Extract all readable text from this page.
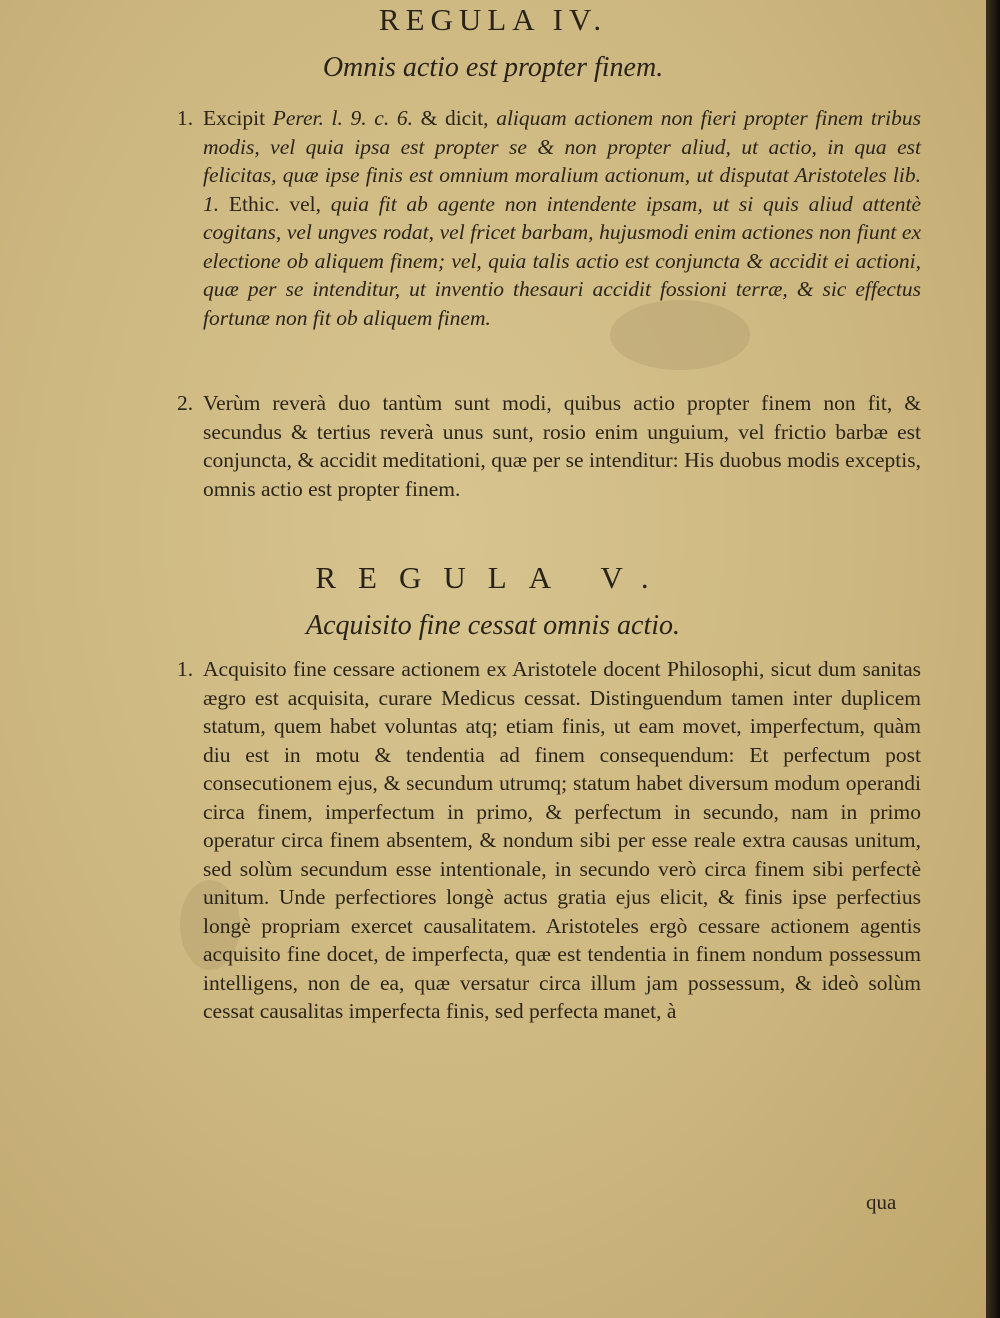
REGULA IV.
Omnis actio est propter finem.

1. Excipit Perer. l. 9. c. 6. & dicit, aliquam actionem non fieri propter finem tribus modis, vel quia ipsa est propter se & non propter aliud, ut actio, in qua est felicitas, quæ ipse finis est omnium moralium actionum, ut disputat Aristoteles lib. 1. Ethic. vel, quia fit ab agente non intendente ipsam, ut si quis aliud attentè cogitans, vel ungves rodat, vel fricet barbam, hujusmodi enim actiones non fiunt ex electione ob aliquem finem; vel, quia talis actio est conjuncta & accidit ei actioni, quæ per se intenditur, ut inventio thesauri accidit fossioni terræ, & sic effectus fortunæ non fit ob aliquem finem.

2. Verùm reverà duo tantùm sunt modi, quibus actio propter finem non fit, & secundus & tertius reverà unus sunt, rosio enim unguium, vel frictio barbæ est conjuncta, & accidit meditationi, quæ per se intenditur: His duobus modis exceptis, omnis actio est propter finem.

REGULA V.
Acquisito fine cessat omnis actio.

1. Acquisito fine cessare actionem ex Aristotele docent Philosophi, sicut dum sanitas ægro est acquisita, curare Medicus cessat. Distinguendum tamen inter duplicem statum, quem habet voluntas atq; etiam finis, ut eam movet, imperfectum, quàm diu est in motu & tendentia ad finem consequendum: Et perfectum post consecutionem ejus, & secundum utrumq; statum habet diversum modum operandi circa finem, imperfectum in primo, & perfectum in secundo, nam in primo operatur circa finem absentem, & nondum sibi per esse reale extra causas unitum, sed solùm secundum esse intentionale, in secundo verò circa finem sibi perfectè unitum. Unde perfectiores longè actus gratia ejus elicit, & finis ipse perfectius longè propriam exercet causalitatem. Aristoteles ergò cessare actionem agentis acquisito fine docet, de imperfecta, quæ est tendentia in finem nondum possessum intelligens, non de ea, quæ versatur circa illum jam possessum, & ideò solùm cessat causalitas imperfecta finis, sed perfecta manet, à

qua
